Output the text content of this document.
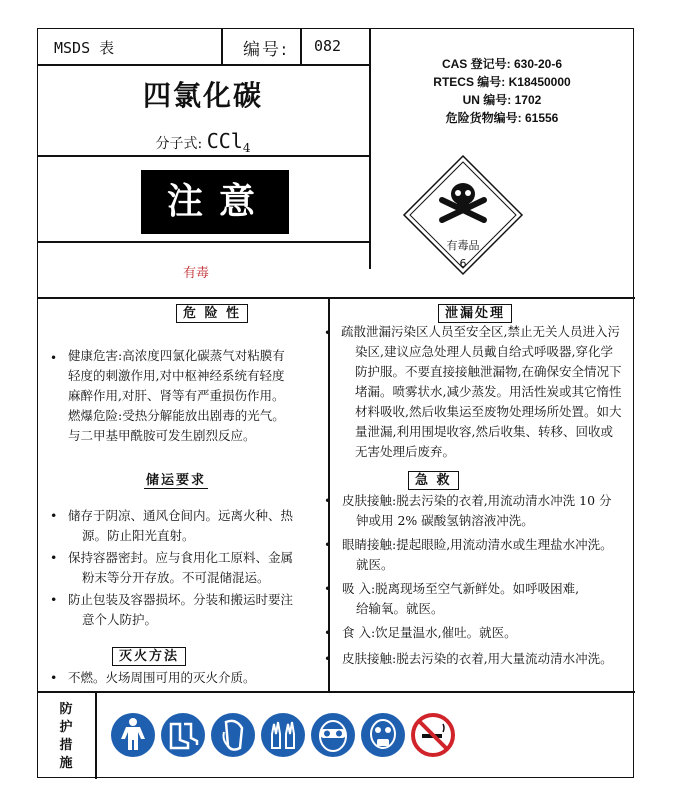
MSDS 表	编号: 082
四氯化碳
分子式: CCl$_4$
CAS 登记号: 630-20-6
RTECS 编号: K18450000
UN 编号: 1702
危险货物编号: 61556
注意
有毒
有毒品
6
危 险 性
• 健康危害:高浓度四氯化碳蒸气对粘膜有
轻度的刺激作用,对中枢神经系统有轻度
麻醉作用,对肝、肾等有严重损伤作用。
燃爆危险:受热分解能放出剧毒的光气。
与二甲基甲酰胺可发生剧烈反应。
泄漏处理
• 疏散泄漏污染区人员至安全区,禁止无关人员进入污
染区,建议应急处理人员戴自给式呼吸器,穿化学
防护服。不要直接接触泄漏物,在确保安全情况下
堵漏。喷雾状水,减少蒸发。用活性炭或其它惰性
材料吸收,然后收集运至废物处理场所处置。如大
量泄漏,利用围堤收容,然后收集、转移、回收或
无害处理后废弃。
储运要求
• 储存于阴凉、通风仓间内。远离火种、热
源。防止阳光直射。
• 保持容器密封。应与食用化工原料、金属
粉末等分开存放。不可混储混运。
• 防止包装及容器损坏。分装和搬运时要注
意个人防护。
急 救
• 皮肤接触:脱去污染的衣着,用流动清水冲洗 10 分
钟或用 2% 碳酸氢钠溶液冲洗。
• 眼睛接触:提起眼睑,用流动清水或生理盐水冲洗。
就医。
• 吸 入:脱离现场至空气新鲜处。如呼吸困难,
给输氧。就医。
• 食 入:饮足量温水,催吐。就医。
• 皮肤接触:脱去污染的衣着,用大量流动清水冲洗。
灭火方法
• 不燃。火场周围可用的灭火介质。
防
护
措
施
